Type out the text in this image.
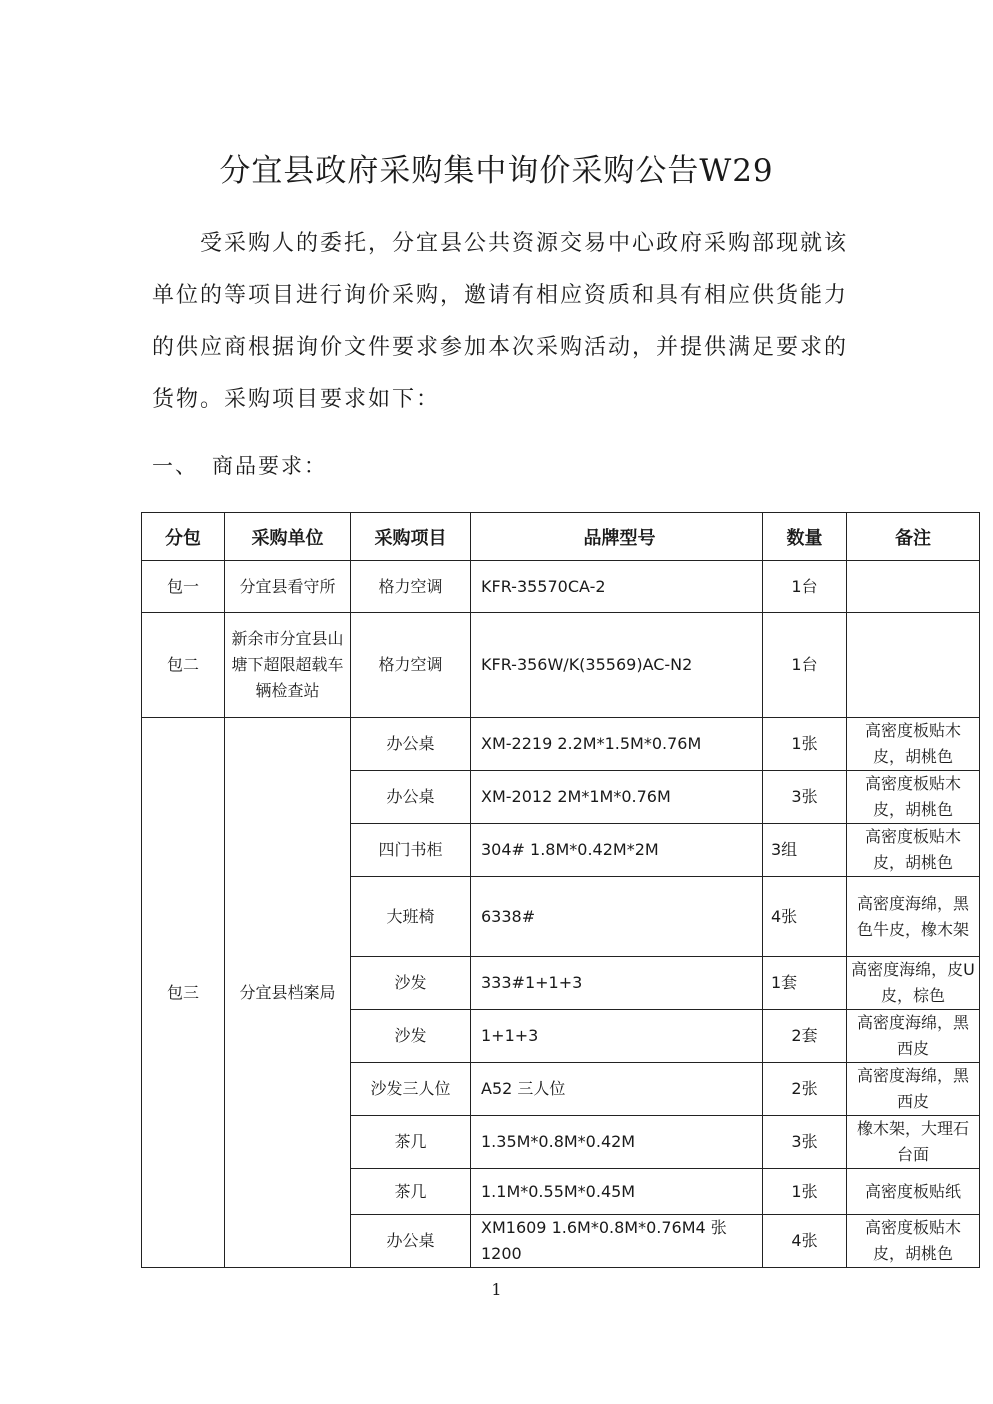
分宜县政府采购集中询价采购公告W29
受采购人的委托，分宜县公共资源交易中心政府采购部现就该
单位的等项目进行询价采购，邀请有相应资质和具有相应供货能力
的供应商根据询价文件要求参加本次采购活动，并提供满足要求的
货物。采购项目要求如下：
一、 商品要求：
分包	采购单位	采购项目	品牌型号	数量	备注
包一	分宜县看守所	格力空调	KFR-35570CA-2	1台	
包二	新余市分宜县山塘下超限超载车辆检查站	格力空调	KFR-356W/K(35569)AC-N2	1台	
包三	分宜县档案局	办公桌	XM-2219 2.2M*1.5M*0.76M	1张	高密度板贴木皮，胡桃色
		办公桌	XM-2012 2M*1M*0.76M	3张	高密度板贴木皮，胡桃色
		四门书柜	304# 1.8M*0.42M*2M	3组	高密度板贴木皮，胡桃色
		大班椅	6338#	4张	高密度海绵，黑色牛皮，橡木架
		沙发	333#1+1+3	1套	高密度海绵，皮U皮，棕色
		沙发	1+1+3	2套	高密度海绵，黑西皮
		沙发三人位	A52 三人位	2张	高密度海绵，黑西皮
		茶几	1.35M*0.8M*0.42M	3张	橡木架，大理石台面
		茶几	1.1M*0.55M*0.45M	1张	高密度板贴纸
		办公桌	XM1609 1.6M*0.8M*0.76M4 张 1200	4张	高密度板贴木皮，胡桃色
1
